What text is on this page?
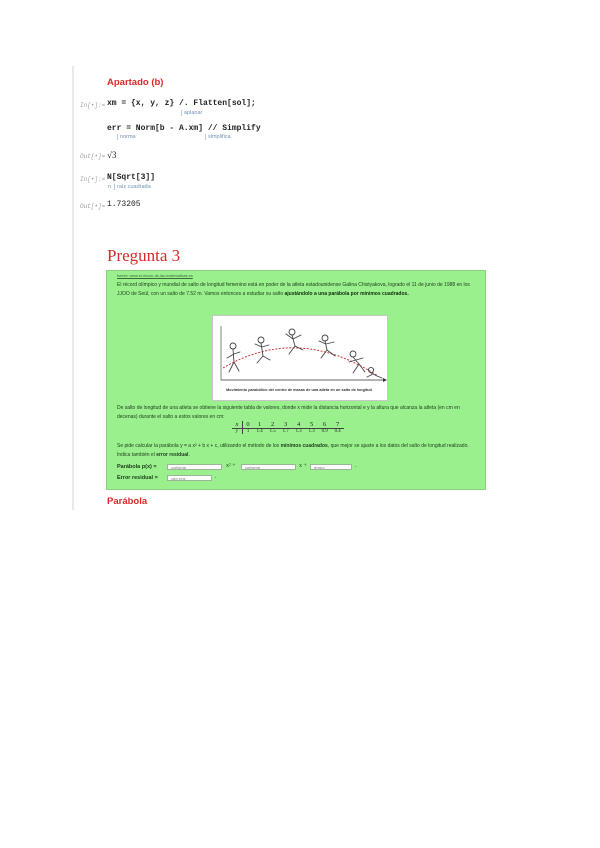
Apartado (b)
In[•]:= xm = {x, y, z} /. Flatten[sol];
aplanar
err = Norm[b - A.xm] // Simplify
norma	simplifica
Out[•]= √3
In[•]:= N[Sqrt[3]]
n	raíz cuadrada
Out[•]= 1.73205
Pregunta 3
fuente: www.el-rincon-de-las-matematicas.es
El récord olímpico y mundial de salto de longitud femenino está en poder de la atleta estadounidense Galina Chistyakova, logrado el 11 de junio de 1988 en los JJOO de Seúl, con un salto de 7.52 m. Vamos entonces a estudiar su salto ajustándolo a una parábola por mínimos cuadrados.
Movimiento parabólico del centro de masas de una atleta en un salto de longitud
De salto de longitud de una atleta se obtiene la siguiente tabla de valores, donde x mide la distancia horizontal e y la altura que alcanza la atleta (en cm en decenas) durante el salto a estos valores en cm:
x	0	1	2	3	4	5	6	7
y	1	1.4	1.5	1.7	1.3	1.3	0.9	0.4
Se pide calcular la parábola y = a x² + b x + c, utilizando el método de los mínimos cuadrados, que mejor se ajuste a los datos del salto de longitud realizado. Indica también el error residual.
Parábola p(x) =	coeficiente	x² +	coeficiente	x +	término	.
Error residual =	valor error	.
Parábola
